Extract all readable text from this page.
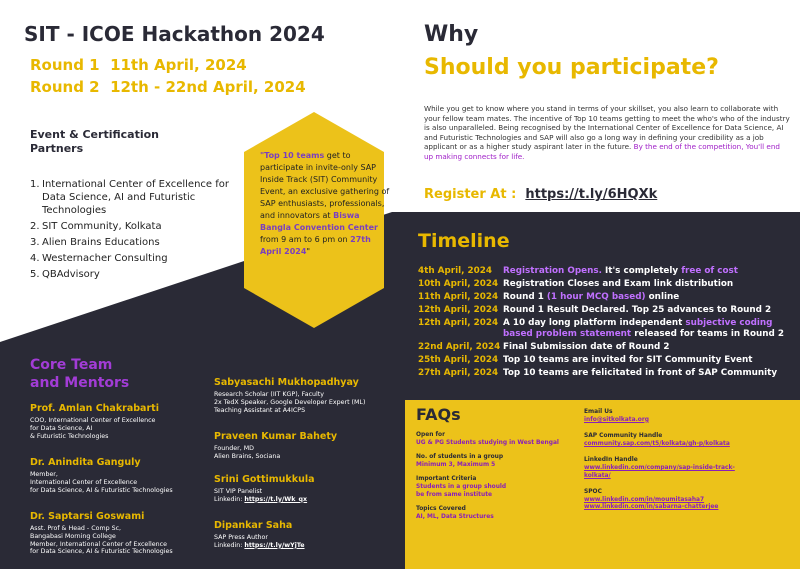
SIT - ICOE Hackathon 2024
Round 1 11th April, 2024
Round 2 12th - 22nd April, 2024
Event & Certification Partners
1. International Center of Excellence for Data Science, AI and Futuristic Technologies
2. SIT Community, Kolkata
3. Alien Brains Educations
4. Westernacher Consulting
5. QBAdvisory
"Top 10 teams get to participate in invite-only SAP Inside Track (SIT) Community Event, an exclusive gathering of SAP enthusiasts, professionals, and innovators at Biswa Bangla Convention Center from 9 am to 6 pm on 27th April 2024"
Why
Should you participate?
While you get to know where you stand in terms of your skillset, you also learn to collaborate with your fellow team mates. The incentive of Top 10 teams getting to meet the who's who of the industry is also unparalleled. Being recognised by the International Center of Excellence for Data Science, AI and Futuristic Technologies and SAP will also go a long way in defining your credibility as a job applicant or as a higher study aspirant later in the future. By the end of the competition, You'll end up making connects for life.
Register At : https://t.ly/6HQXk
Timeline
4th April, 2024	Registration Opens. It's completely free of cost
10th April, 2024 Registration Closes and Exam link distribution
11th April, 2024 Round 1 (1 hour MCQ based) online
12th April, 2024 Round 1 Result Declared. Top 25 advances to Round 2
12th April, 2024 A 10 day long platform independent subjective coding based problem statement released for teams in Round 2
22nd April, 2024 Final Submission date of Round 2
25th April, 2024 Top 10 teams are invited for SIT Community Event
27th April, 2024 Top 10 teams are felicitated in front of SAP Community
Core Team
and Mentors
Prof. Amlan Chakrabarti
COO, International Center of Excellence
for Data Science, AI
& Futuristic Technologies
Dr. Anindita Ganguly
Member,
International Center of Excellence
for Data Science, AI & Futuristic Technologies
Dr. Saptarsi Goswami
Asst. Prof & Head - Comp Sc,
Bangabasi Morning College
Member, International Center of Excellence
for Data Science, AI & Futuristic Technologies
Sabyasachi Mukhopadhyay
Research Scholar (IIT KGP), Faculty
2x TedX Speaker, Google Developer Expert (ML)
Teaching Assistant at A4ICPS
Praveen Kumar Bahety
Founder, MD
Alien Brains, Sociana
Srini Gottimukkula
SIT VIP Panelist
Linkedin: https://t.ly/Wk_qx
Dipankar Saha
SAP Press Author
Linkedin: https://t.ly/wYjTe
FAQs
Open for
UG & PG Students studying in West Bengal
No. of students in a group
Minimum 3, Maximum 5
Important Criteria
Students in a group should
be from same institute
Topics Covered
AI, ML, Data Structures
Email Us
info@sitkolkata.org
SAP Community Handle
community.sap.com/t5/kolkata/gh-p/kolkata
LinkedIn Handle
www.linkedin.com/company/sap-inside-track-
kolkata/
SPOC
www.linkedin.com/in/moumitasaha7
www.linkedin.com/in/sabarna-chatterjee
